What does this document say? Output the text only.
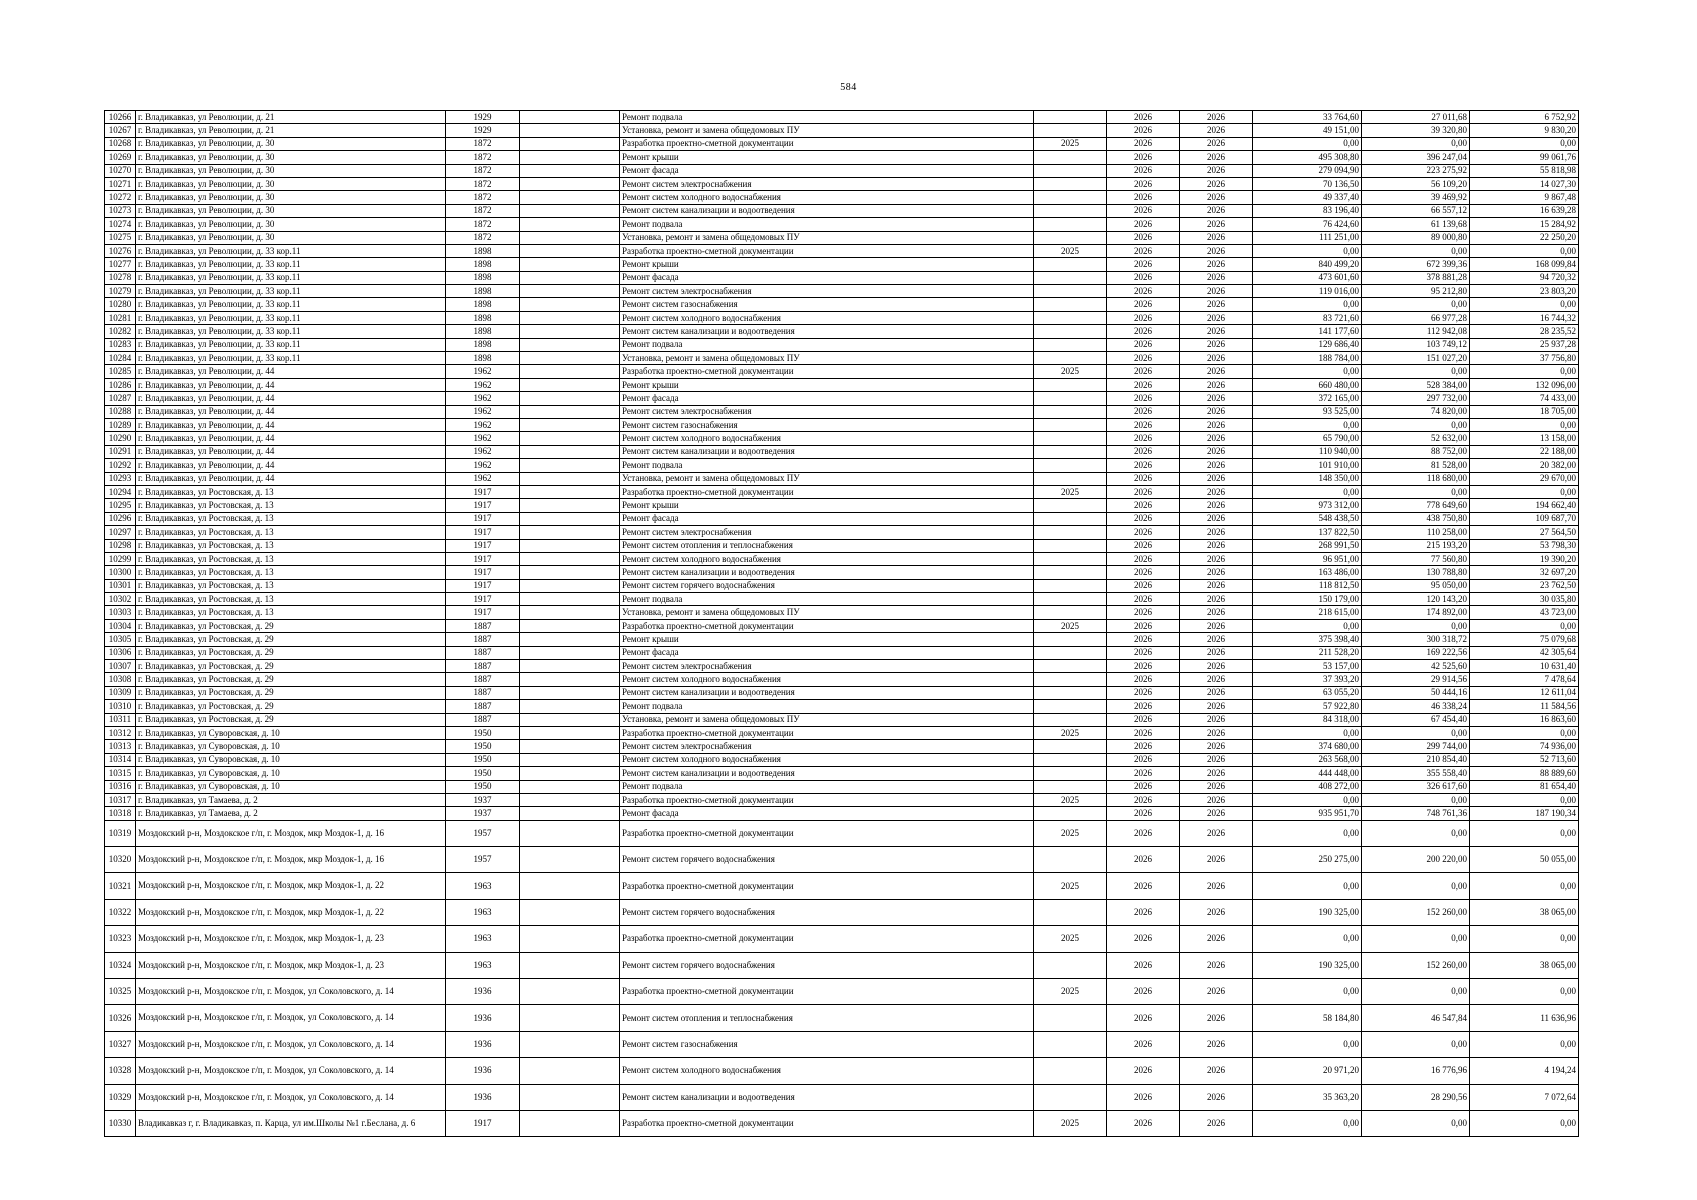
584
10266	г. Владикавказ, ул Революции, д. 21	1929		Ремонт подвала		2026	2026	33 764,60	27 011,68	6 752,92
10267	г. Владикавказ, ул Революции, д. 21	1929		Установка, ремонт и замена общедомовых ПУ		2026	2026	49 151,00	39 320,80	9 830,20
10268	г. Владикавказ, ул Революции, д. 30	1872		Разработка проектно-сметной документации	2025	2026	2026	0,00	0,00	0,00
10269	г. Владикавказ, ул Революции, д. 30	1872		Ремонт крыши		2026	2026	495 308,80	396 247,04	99 061,76
10270	г. Владикавказ, ул Революции, д. 30	1872		Ремонт фасада		2026	2026	279 094,90	223 275,92	55 818,98
10271	г. Владикавказ, ул Революции, д. 30	1872		Ремонт систем электроснабжения		2026	2026	70 136,50	56 109,20	14 027,30
10272	г. Владикавказ, ул Революции, д. 30	1872		Ремонт систем холодного водоснабжения		2026	2026	49 337,40	39 469,92	9 867,48
10273	г. Владикавказ, ул Революции, д. 30	1872		Ремонт систем канализации и водоотведения		2026	2026	83 196,40	66 557,12	16 639,28
10274	г. Владикавказ, ул Революции, д. 30	1872		Ремонт подвала		2026	2026	76 424,60	61 139,68	15 284,92
10275	г. Владикавказ, ул Революции, д. 30	1872		Установка, ремонт и замена общедомовых ПУ		2026	2026	111 251,00	89 000,80	22 250,20
10276	г. Владикавказ, ул Революции, д. 33 кор.11	1898		Разработка проектно-сметной документации	2025	2026	2026	0,00	0,00	0,00
10277	г. Владикавказ, ул Революции, д. 33 кор.11	1898		Ремонт крыши		2026	2026	840 499,20	672 399,36	168 099,84
10278	г. Владикавказ, ул Революции, д. 33 кор.11	1898		Ремонт фасада		2026	2026	473 601,60	378 881,28	94 720,32
10279	г. Владикавказ, ул Революции, д. 33 кор.11	1898		Ремонт систем электроснабжения		2026	2026	119 016,00	95 212,80	23 803,20
10280	г. Владикавказ, ул Революции, д. 33 кор.11	1898		Ремонт систем газоснабжения		2026	2026	0,00	0,00	0,00
10281	г. Владикавказ, ул Революции, д. 33 кор.11	1898		Ремонт систем холодного водоснабжения		2026	2026	83 721,60	66 977,28	16 744,32
10282	г. Владикавказ, ул Революции, д. 33 кор.11	1898		Ремонт систем канализации и водоотведения		2026	2026	141 177,60	112 942,08	28 235,52
10283	г. Владикавказ, ул Революции, д. 33 кор.11	1898		Ремонт подвала		2026	2026	129 686,40	103 749,12	25 937,28
10284	г. Владикавказ, ул Революции, д. 33 кор.11	1898		Установка, ремонт и замена общедомовых ПУ		2026	2026	188 784,00	151 027,20	37 756,80
10285	г. Владикавказ, ул Революции, д. 44	1962		Разработка проектно-сметной документации	2025	2026	2026	0,00	0,00	0,00
10286	г. Владикавказ, ул Революции, д. 44	1962		Ремонт крыши		2026	2026	660 480,00	528 384,00	132 096,00
10287	г. Владикавказ, ул Революции, д. 44	1962		Ремонт фасада		2026	2026	372 165,00	297 732,00	74 433,00
10288	г. Владикавказ, ул Революции, д. 44	1962		Ремонт систем электроснабжения		2026	2026	93 525,00	74 820,00	18 705,00
10289	г. Владикавказ, ул Революции, д. 44	1962		Ремонт систем газоснабжения		2026	2026	0,00	0,00	0,00
10290	г. Владикавказ, ул Революции, д. 44	1962		Ремонт систем холодного водоснабжения		2026	2026	65 790,00	52 632,00	13 158,00
10291	г. Владикавказ, ул Революции, д. 44	1962		Ремонт систем канализации и водоотведения		2026	2026	110 940,00	88 752,00	22 188,00
10292	г. Владикавказ, ул Революции, д. 44	1962		Ремонт подвала		2026	2026	101 910,00	81 528,00	20 382,00
10293	г. Владикавказ, ул Революции, д. 44	1962		Установка, ремонт и замена общедомовых ПУ		2026	2026	148 350,00	118 680,00	29 670,00
10294	г. Владикавказ, ул Ростовская, д. 13	1917		Разработка проектно-сметной документации	2025	2026	2026	0,00	0,00	0,00
10295	г. Владикавказ, ул Ростовская, д. 13	1917		Ремонт крыши		2026	2026	973 312,00	778 649,60	194 662,40
10296	г. Владикавказ, ул Ростовская, д. 13	1917		Ремонт фасада		2026	2026	548 438,50	438 750,80	109 687,70
10297	г. Владикавказ, ул Ростовская, д. 13	1917		Ремонт систем электроснабжения		2026	2026	137 822,50	110 258,00	27 564,50
10298	г. Владикавказ, ул Ростовская, д. 13	1917		Ремонт систем отопления и теплоснабжения		2026	2026	268 991,50	215 193,20	53 798,30
10299	г. Владикавказ, ул Ростовская, д. 13	1917		Ремонт систем холодного водоснабжения		2026	2026	96 951,00	77 560,80	19 390,20
10300	г. Владикавказ, ул Ростовская, д. 13	1917		Ремонт систем канализации и водоотведения		2026	2026	163 486,00	130 788,80	32 697,20
10301	г. Владикавказ, ул Ростовская, д. 13	1917		Ремонт систем горячего водоснабжения		2026	2026	118 812,50	95 050,00	23 762,50
10302	г. Владикавказ, ул Ростовская, д. 13	1917		Ремонт подвала		2026	2026	150 179,00	120 143,20	30 035,80
10303	г. Владикавказ, ул Ростовская, д. 13	1917		Установка, ремонт и замена общедомовых ПУ		2026	2026	218 615,00	174 892,00	43 723,00
10304	г. Владикавказ, ул Ростовская, д. 29	1887		Разработка проектно-сметной документации	2025	2026	2026	0,00	0,00	0,00
10305	г. Владикавказ, ул Ростовская, д. 29	1887		Ремонт крыши		2026	2026	375 398,40	300 318,72	75 079,68
10306	г. Владикавказ, ул Ростовская, д. 29	1887		Ремонт фасада		2026	2026	211 528,20	169 222,56	42 305,64
10307	г. Владикавказ, ул Ростовская, д. 29	1887		Ремонт систем электроснабжения		2026	2026	53 157,00	42 525,60	10 631,40
10308	г. Владикавказ, ул Ростовская, д. 29	1887		Ремонт систем холодного водоснабжения		2026	2026	37 393,20	29 914,56	7 478,64
10309	г. Владикавказ, ул Ростовская, д. 29	1887		Ремонт систем канализации и водоотведения		2026	2026	63 055,20	50 444,16	12 611,04
10310	г. Владикавказ, ул Ростовская, д. 29	1887		Ремонт подвала		2026	2026	57 922,80	46 338,24	11 584,56
10311	г. Владикавказ, ул Ростовская, д. 29	1887		Установка, ремонт и замена общедомовых ПУ		2026	2026	84 318,00	67 454,40	16 863,60
10312	г. Владикавказ, ул Суворовская, д. 10	1950		Разработка проектно-сметной документации	2025	2026	2026	0,00	0,00	0,00
10313	г. Владикавказ, ул Суворовская, д. 10	1950		Ремонт систем электроснабжения		2026	2026	374 680,00	299 744,00	74 936,00
10314	г. Владикавказ, ул Суворовская, д. 10	1950		Ремонт систем холодного водоснабжения		2026	2026	263 568,00	210 854,40	52 713,60
10315	г. Владикавказ, ул Суворовская, д. 10	1950		Ремонт систем канализации и водоотведения		2026	2026	444 448,00	355 558,40	88 889,60
10316	г. Владикавказ, ул Суворовская, д. 10	1950		Ремонт подвала		2026	2026	408 272,00	326 617,60	81 654,40
10317	г. Владикавказ, ул Тамаева, д. 2	1937		Разработка проектно-сметной документации	2025	2026	2026	0,00	0,00	0,00
10318	г. Владикавказ, ул Тамаева, д. 2	1937		Ремонт фасада		2026	2026	935 951,70	748 761,36	187 190,34
10319	Моздокский р-н, Моздокское г/п, г. Моздок, мкр Моздок-1, д. 16	1957		Разработка проектно-сметной документации	2025	2026	2026	0,00	0,00	0,00
10320	Моздокский р-н, Моздокское г/п, г. Моздок, мкр Моздок-1, д. 16	1957		Ремонт систем горячего водоснабжения		2026	2026	250 275,00	200 220,00	50 055,00
10321	Моздокский р-н, Моздокское г/п, г. Моздок, мкр Моздок-1, д. 22	1963		Разработка проектно-сметной документации	2025	2026	2026	0,00	0,00	0,00
10322	Моздокский р-н, Моздокское г/п, г. Моздок, мкр Моздок-1, д. 22	1963		Ремонт систем горячего водоснабжения		2026	2026	190 325,00	152 260,00	38 065,00
10323	Моздокский р-н, Моздокское г/п, г. Моздок, мкр Моздок-1, д. 23	1963		Разработка проектно-сметной документации	2025	2026	2026	0,00	0,00	0,00
10324	Моздокский р-н, Моздокское г/п, г. Моздок, мкр Моздок-1, д. 23	1963		Ремонт систем горячего водоснабжения		2026	2026	190 325,00	152 260,00	38 065,00
10325	Моздокский р-н, Моздокское г/п, г. Моздок, ул Соколовского, д. 14	1936		Разработка проектно-сметной документации	2025	2026	2026	0,00	0,00	0,00
10326	Моздокский р-н, Моздокское г/п, г. Моздок, ул Соколовского, д. 14	1936		Ремонт систем отопления и теплоснабжения		2026	2026	58 184,80	46 547,84	11 636,96
10327	Моздокский р-н, Моздокское г/п, г. Моздок, ул Соколовского, д. 14	1936		Ремонт систем газоснабжения		2026	2026	0,00	0,00	0,00
10328	Моздокский р-н, Моздокское г/п, г. Моздок, ул Соколовского, д. 14	1936		Ремонт систем холодного водоснабжения		2026	2026	20 971,20	16 776,96	4 194,24
10329	Моздокский р-н, Моздокское г/п, г. Моздок, ул Соколовского, д. 14	1936		Ремонт систем канализации и водоотведения		2026	2026	35 363,20	28 290,56	7 072,64
10330	Владикавказ г, г. Владикавказ, п. Карца, ул им.Школы №1 г.Беслана, д. 6	1917		Разработка проектно-сметной документации	2025	2026	2026	0,00	0,00	0,00
